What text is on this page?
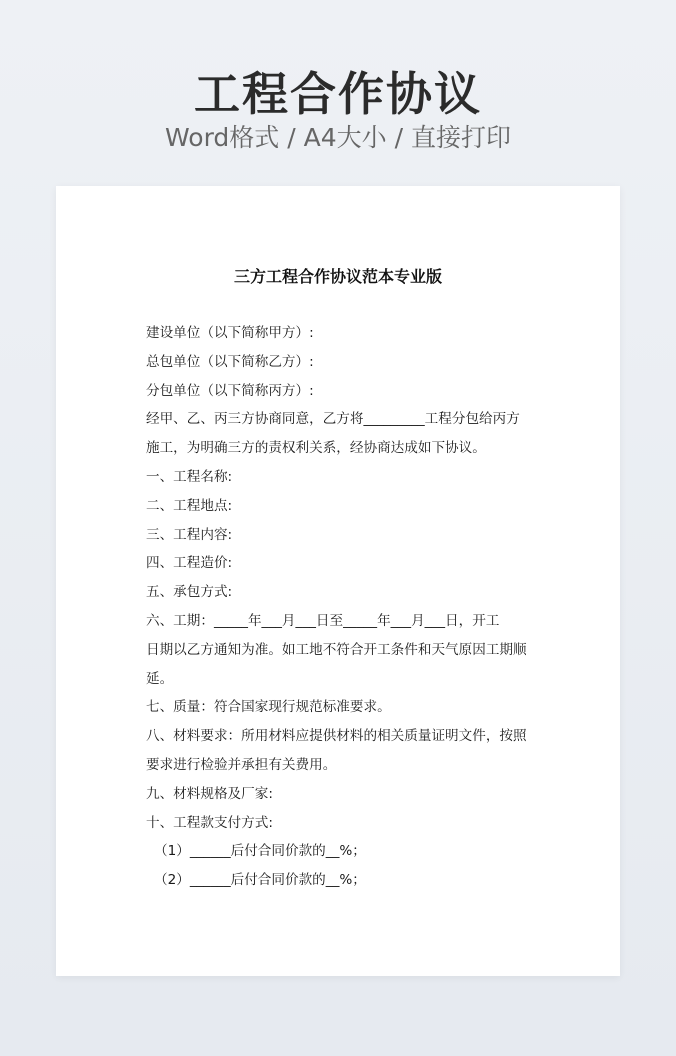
工程合作协议
Word格式 / A4大小 / 直接打印
三方工程合作协议范本专业版
建设单位（以下简称甲方）:
总包单位（以下简称乙方）:
分包单位（以下简称丙方）:
经甲、乙、丙三方协商同意，乙方将_________工程分包给丙方
施工，为明确三方的责权利关系，经协商达成如下协议。
一、工程名称:
二、工程地点:
三、工程内容:
四、工程造价:
五、承包方式:
六、工期：_____年___月___日至_____年___月___日，开工
日期以乙方通知为准。如工地不符合开工条件和天气原因工期顺
延。
七、质量：符合国家现行规范标准要求。
八、材料要求：所用材料应提供材料的相关质量证明文件，按照
要求进行检验并承担有关费用。
九、材料规格及厂家:
十、工程款支付方式:
（1）______后付合同价款的__%；
（2）______后付合同价款的__%；
